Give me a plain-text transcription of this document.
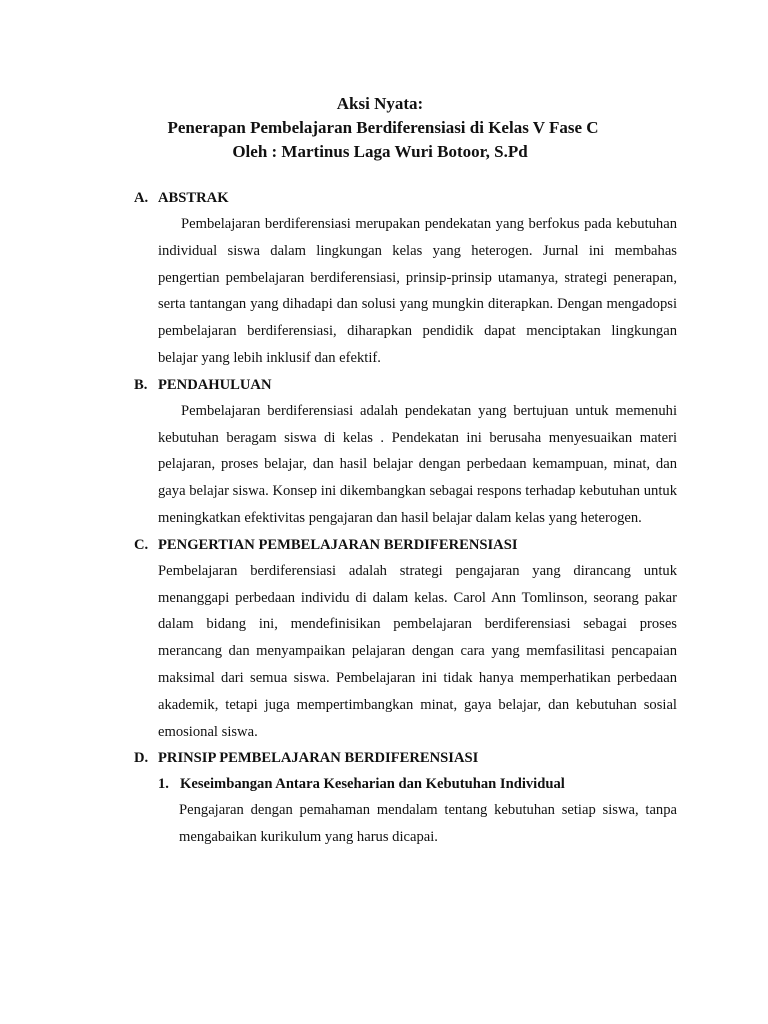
Aksi Nyata:
Penerapan Pembelajaran Berdiferensiasi di Kelas V Fase C
Oleh : Martinus Laga Wuri Botoor, S.Pd
A. ABSTRAK
Pembelajaran berdiferensiasi merupakan pendekatan yang berfokus pada kebutuhan individual siswa dalam lingkungan kelas yang heterogen. Jurnal ini membahas pengertian pembelajaran berdiferensiasi, prinsip-prinsip utamanya, strategi penerapan, serta tantangan yang dihadapi dan solusi yang mungkin diterapkan. Dengan mengadopsi pembelajaran berdiferensiasi, diharapkan pendidik dapat menciptakan lingkungan belajar yang lebih inklusif dan efektif.
B. PENDAHULUAN
Pembelajaran berdiferensiasi adalah pendekatan yang bertujuan untuk memenuhi kebutuhan beragam siswa di kelas . Pendekatan ini berusaha menyesuaikan materi pelajaran, proses belajar, dan hasil belajar dengan perbedaan kemampuan, minat, dan gaya belajar siswa. Konsep ini dikembangkan sebagai respons terhadap kebutuhan untuk meningkatkan efektivitas pengajaran dan hasil belajar dalam kelas yang heterogen.
C. PENGERTIAN PEMBELAJARAN BERDIFERENSIASI
Pembelajaran berdiferensiasi adalah strategi pengajaran yang dirancang untuk menanggapi perbedaan individu di dalam kelas. Carol Ann Tomlinson, seorang pakar dalam bidang ini, mendefinisikan pembelajaran berdiferensiasi sebagai proses merancang dan menyampaikan pelajaran dengan cara yang memfasilitasi pencapaian maksimal dari semua siswa. Pembelajaran ini tidak hanya memperhatikan perbedaan akademik, tetapi juga mempertimbangkan minat, gaya belajar, dan kebutuhan sosial emosional siswa.
D. PRINSIP PEMBELAJARAN BERDIFERENSIASI
1. Keseimbangan Antara Keseharian dan Kebutuhan Individual
Pengajaran dengan pemahaman mendalam tentang kebutuhan setiap siswa, tanpa mengabaikan kurikulum yang harus dicapai.
